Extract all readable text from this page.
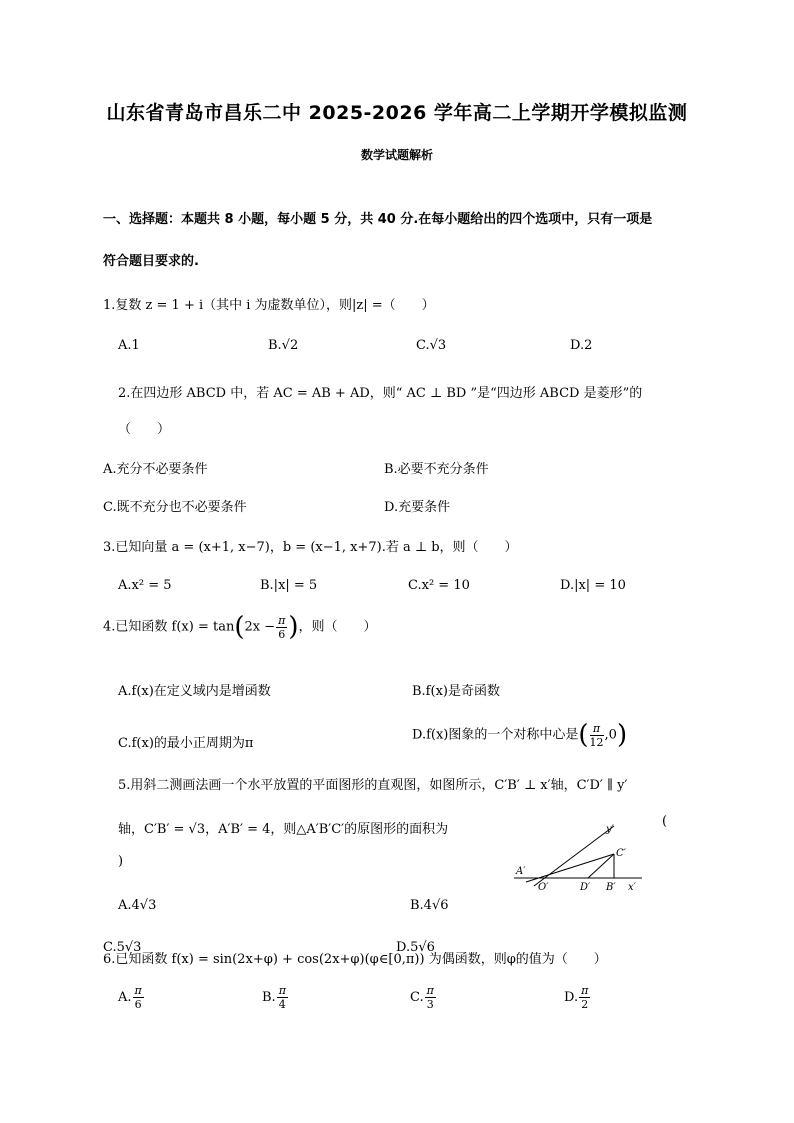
山东省青岛市昌乐二中 2025-2026 学年高二上学期开学模拟监测
数学试题解析
一、选择题：本题共 8 小题，每小题 5 分，共 40 分.在每小题给出的四个选项中，只有一项是
符合题目要求的.
1.复数 z = 1 + i（其中 i 为虚数单位），则|z| =（　　）
A.1	B.√2	C.√3	D.2
2.在四边形 ABCD 中，若 AC = AB + AD，则“ AC ⊥ BD ”是“四边形 ABCD 是菱形”的
（　　）
A.充分不必要条件	B.必要不充分条件
C.既不充分也不必要条件	D.充要条件
3.已知向量 a = (x+1, x−7)，b = (x−1, x+7).若 a ⊥ b，则（　　）
A.x² = 5	B.|x| = 5	C.x² = 10	D.|x| = 10
4.已知函数 $f(x) = \tan(2x - \frac{\pi}{6}$ )，则（　　）
A.f(x)在定义域内是增函数	B.f(x)是奇函数
C.f(x)的最小正周期为π
D.f(x)图象的一个对称中心是( $\frac{\pi}{12} ,0$)
5.用斜二测画法画一个水平放置的平面图形的直观图，如图所示，C′B′ ⊥ x′轴，C′D′ ∥ y′
轴，C′B′ = √3，A′B′ = 4，则△A′B′C′的原图形的面积为
(
)
A.4√3	B.4√6
C.5√3	D.5√6
y′
C′
A′
O′	D′ B′ x′
6.已知函数 f(x) = sin(2x+φ) + cos(2x+φ)(φ∈[0,π)) 为偶函数，则φ的值为（　　）
A. $\frac{\pi}{6}$	B. $\frac{\pi}{4}$	C. $\frac{\pi}{3}$	D. $\frac{\pi}{2}$
